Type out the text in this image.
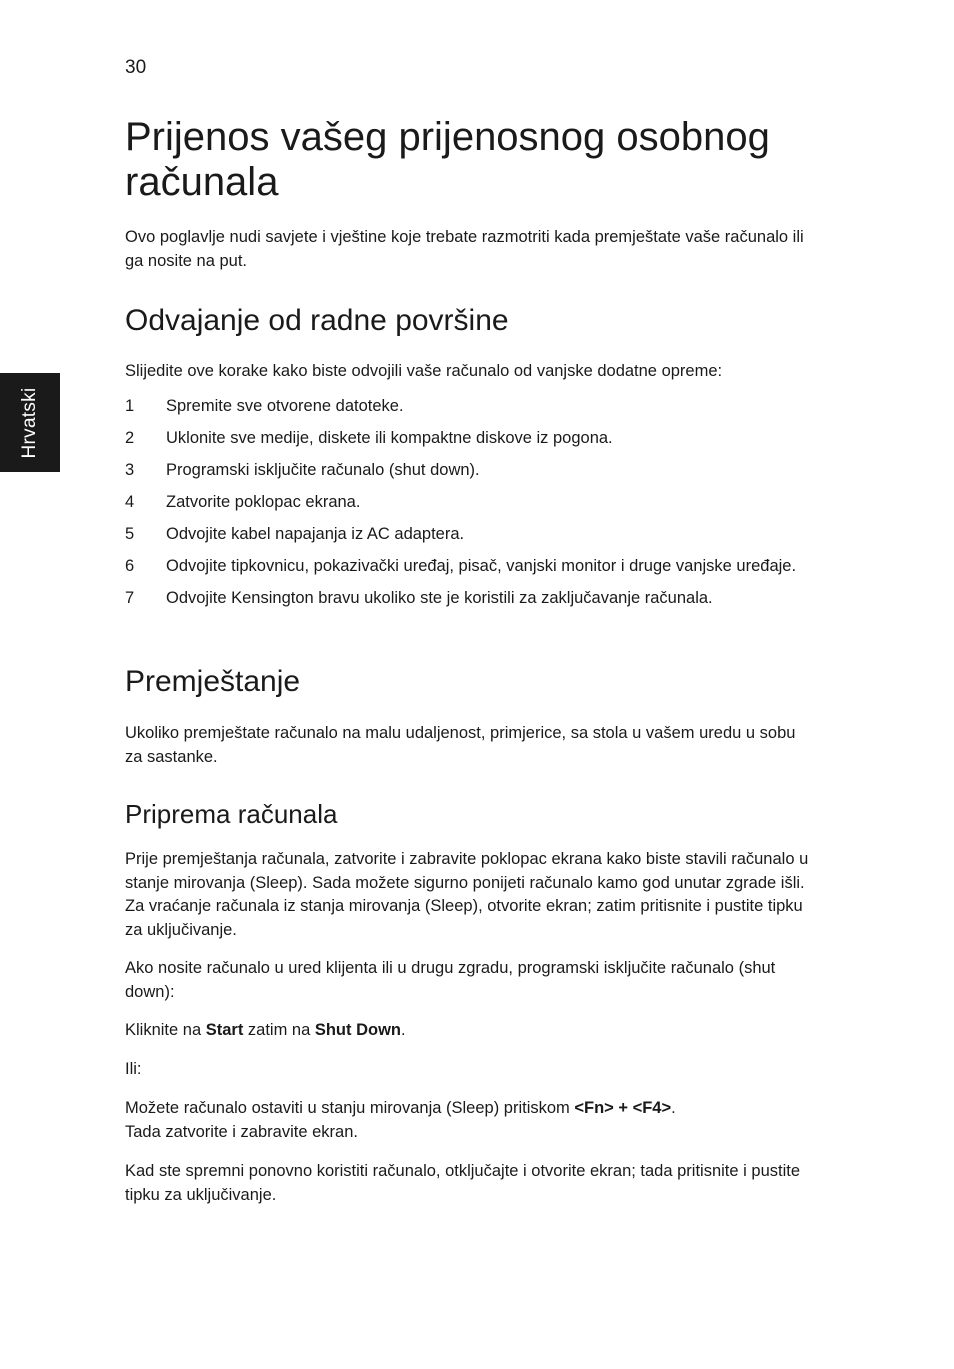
30
Hrvatski
Prijenos vašeg prijenosnog osobnog računala

Ovo poglavlje nudi savjete i vještine koje trebate razmotriti kada premještate vaše računalo ili ga nosite na put.

Odvajanje od radne površine

Slijedite ove korake kako biste odvojili vaše računalo od vanjske dodatne opreme:

1	Spremite sve otvorene datoteke.
2	Uklonite sve medije, diskete ili kompaktne diskove iz pogona.
3	Programski isključite računalo (shut down).
4	Zatvorite poklopac ekrana.
5	Odvojite kabel napajanja iz AC adaptera.
6	Odvojite tipkovnicu, pokazivački uređaj, pisač, vanjski monitor i druge vanjske uređaje.
7	Odvojite Kensington bravu ukoliko ste je koristili za zaključavanje računala.
Premještanje

Ukoliko premještate računalo na malu udaljenost, primjerice, sa stola u vašem uredu u sobu za sastanke.

Priprema računala

Prije premještanja računala, zatvorite i zabravite poklopac ekrana kako biste stavili računalo u stanje mirovanja (Sleep). Sada možete sigurno ponijeti računalo kamo god unutar zgrade išli. Za vraćanje računala iz stanja mirovanja (Sleep), otvorite ekran; zatim pritisnite i pustite tipku za uključivanje.

Ako nosite računalo u ured klijenta ili u drugu zgradu, programski isključite računalo (shut down):

Kliknite na Start zatim na Shut Down.

Ili:

Možete računalo ostaviti u stanju mirovanja (Sleep) pritiskom <Fn> + <F4>.
Tada zatvorite i zabravite ekran.

Kad ste spremni ponovno koristiti računalo, otključajte i otvorite ekran; tada pritisnite i pustite tipku za uključivanje.
